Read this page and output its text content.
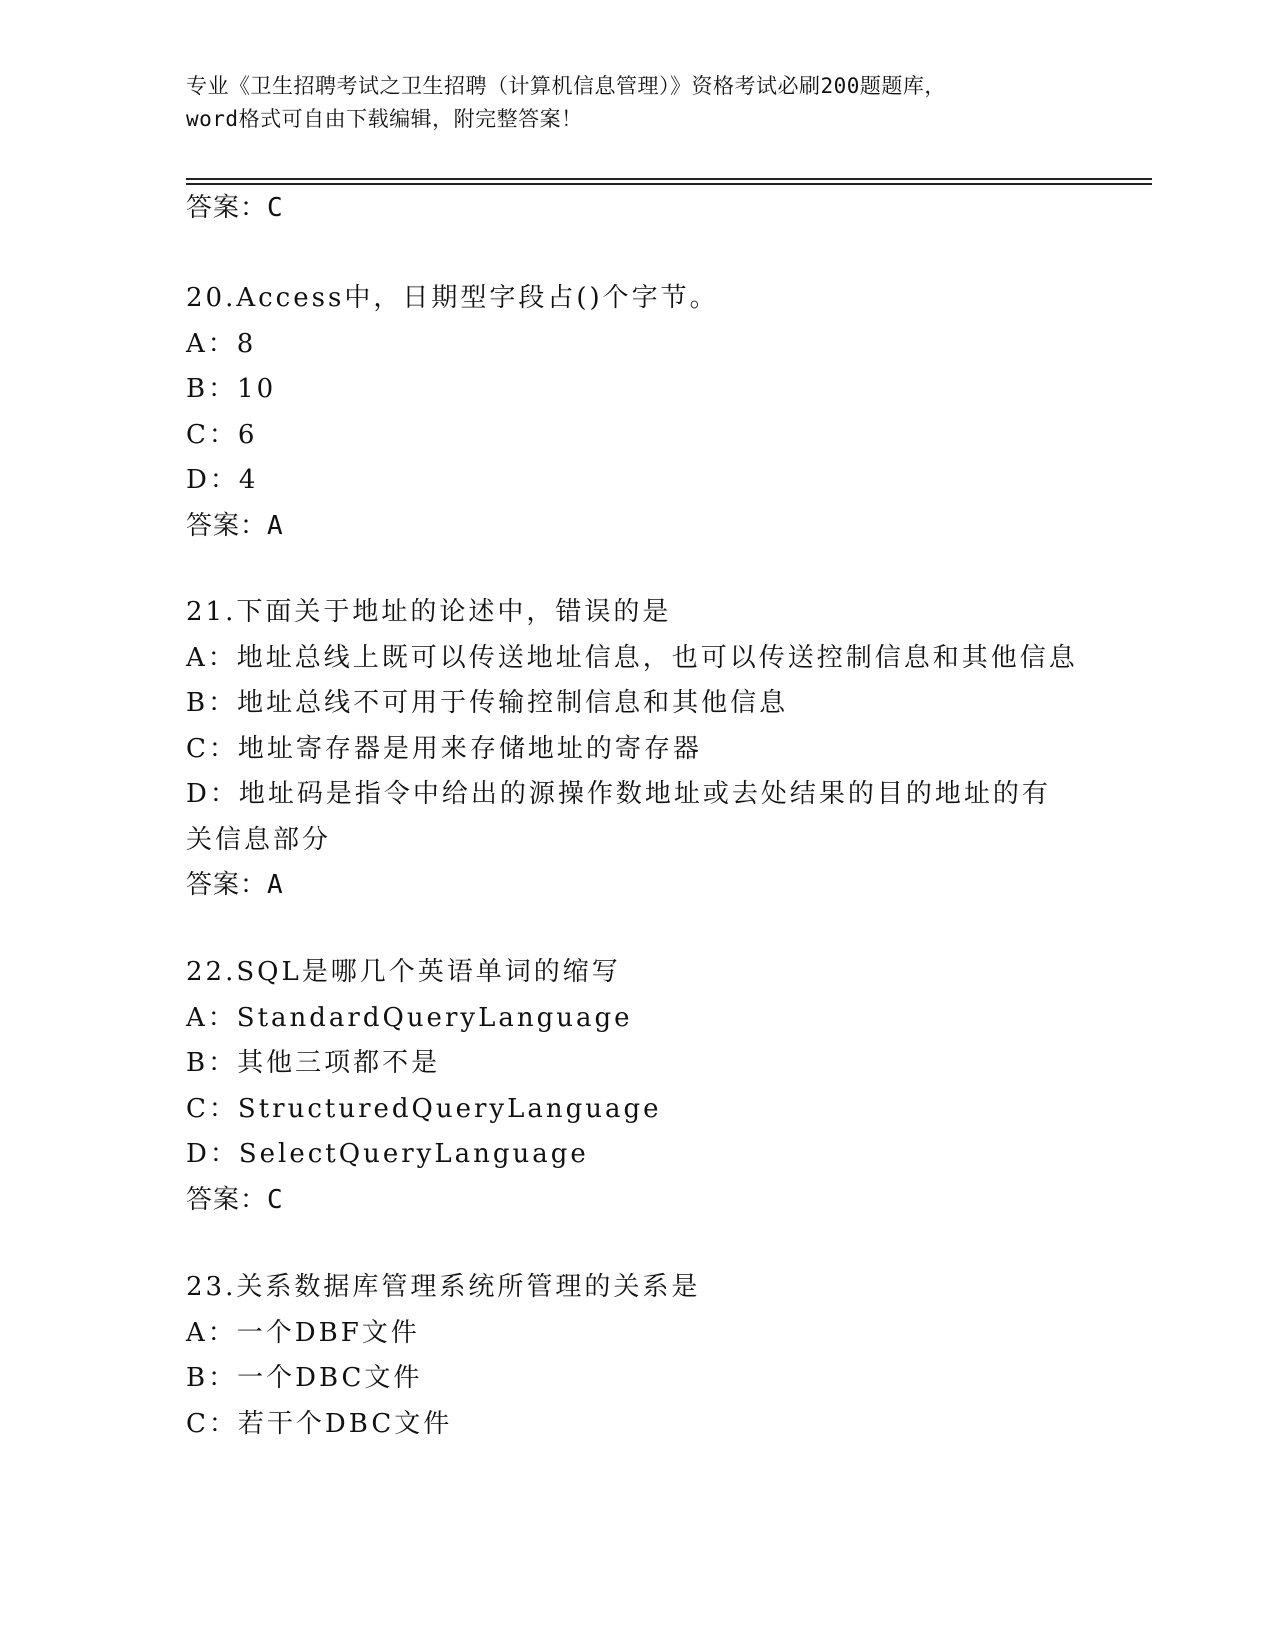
专业《卫生招聘考试之卫生招聘（计算机信息管理）》资格考试必刷200题题库，
word格式可自由下载编辑，附完整答案！
答案：C
20.Access中，日期型字段占()个字节。
A：8
B：10
C：6
D：4
答案：A
21.下面关于地址的论述中，错误的是
A：地址总线上既可以传送地址信息，也可以传送控制信息和其他信息
B：地址总线不可用于传输控制信息和其他信息
C：地址寄存器是用来存储地址的寄存器
D：地址码是指令中给出的源操作数地址或去处结果的目的地址的有关信息部分
答案：A
22.SQL是哪几个英语单词的缩写
A：StandardQueryLanguage
B：其他三项都不是
C：StructuredQueryLanguage
D：SelectQueryLanguage
答案：C
23.关系数据库管理系统所管理的关系是
A：一个DBF文件
B：一个DBC文件
C：若干个DBC文件
